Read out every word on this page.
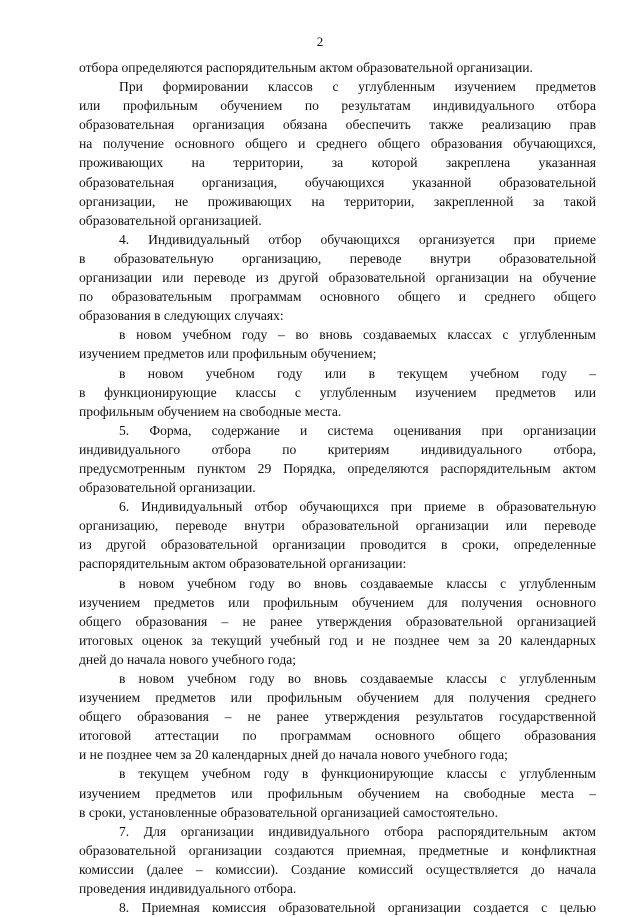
2
отбора определяются распорядительным актом образовательной организации.
При формировании классов с углубленным изучением предметов
или профильным обучением по результатам индивидуального отбора
образовательная организация обязана обеспечить также реализацию прав
на получение основного общего и среднего общего образования обучающихся,
проживающих на территории, за которой закреплена указанная
образовательная организация, обучающихся указанной образовательной
организации, не проживающих на территории, закрепленной за такой
образовательной организацией.
4. Индивидуальный отбор обучающихся организуется при приеме
в образовательную организацию, переводе внутри образовательной
организации или переводе из другой образовательной организации на обучение
по образовательным программам основного общего и среднего общего
образования в следующих случаях:
в новом учебном году – во вновь создаваемых классах с углубленным
изучением предметов или профильным обучением;
в новом учебном году или в текущем учебном году –
в функционирующие классы с углубленным изучением предметов или
профильным обучением на свободные места.
5. Форма, содержание и система оценивания при организации
индивидуального отбора по критериям индивидуального отбора,
предусмотренным пунктом 29 Порядка, определяются распорядительным актом
образовательной организации.
6. Индивидуальный отбор обучающихся при приеме в образовательную
организацию, переводе внутри образовательной организации или переводе
из другой образовательной организации проводится в сроки, определенные
распорядительным актом образовательной организации:
в новом учебном году во вновь создаваемые классы с углубленным
изучением предметов или профильным обучением для получения основного
общего образования – не ранее утверждения образовательной организацией
итоговых оценок за текущий учебный год и не позднее чем за 20 календарных
дней до начала нового учебного года;
в новом учебном году во вновь создаваемые классы с углубленным
изучением предметов или профильным обучением для получения среднего
общего образования – не ранее утверждения результатов государственной
итоговой аттестации по программам основного общего образования
и не позднее чем за 20 календарных дней до начала нового учебного года;
в текущем учебном году в функционирующие классы с углубленным
изучением предметов или профильным обучением на свободные места –
в сроки, установленные образовательной организацией самостоятельно.
7. Для организации индивидуального отбора распорядительным актом
образовательной организации создаются приемная, предметные и конфликтная
комиссии (далее – комиссии). Создание комиссий осуществляется до начала
проведения индивидуального отбора.
8. Приемная комиссия образовательной организации создается с целью
